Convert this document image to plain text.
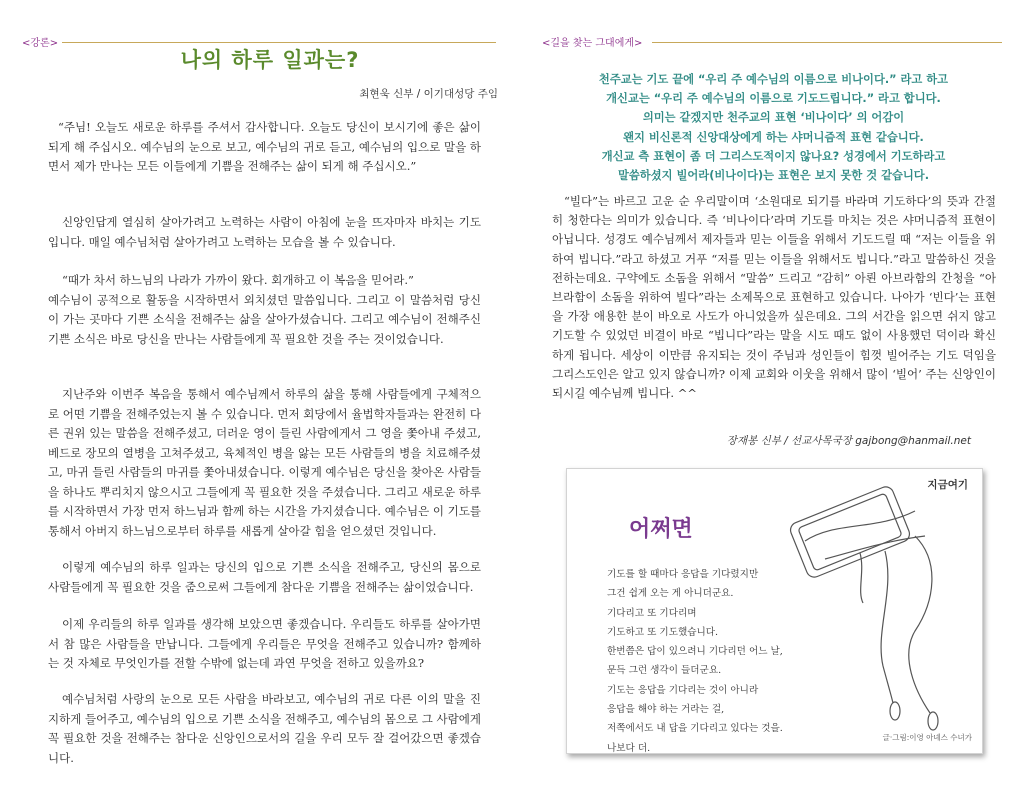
<강론>
나의 하루 일과는?
최현욱 신부 / 이기대성당 주임

“주님! 오늘도 새로운 하루를 주셔서 감사합니다. 오늘도 당신이 보시기에 좋은 삶이 되게 해 주십시오. 예수님의 눈으로 보고, 예수님의 귀로 듣고, 예수님의 입으로 말을 하면서 제가 만나는 모든 이들에게 기쁨을 전해주는 삶이 되게 해 주십시오.”

신앙인답게 열심히 살아가려고 노력하는 사람이 아침에 눈을 뜨자마자 바치는 기도입니다. 매일 예수님처럼 살아가려고 노력하는 모습을 볼 수 있습니다.

“때가 차서 하느님의 나라가 가까이 왔다. 회개하고 이 복음을 믿어라.”
예수님이 공적으로 활동을 시작하면서 외치셨던 말씀입니다. 그리고 이 말씀처럼 당신이 가는 곳마다 기쁜 소식을 전해주는 삶을 살아가셨습니다. 그리고 예수님이 전해주신 기쁜 소식은 바로 당신을 만나는 사람들에게 꼭 필요한 것을 주는 것이었습니다.

지난주와 이번주 복음을 통해서 예수님께서 하루의 삶을 통해 사람들에게 구체적으로 어떤 기쁨을 전해주었는지 볼 수 있습니다. 먼저 회당에서 율법학자들과는 완전히 다른 권위 있는 말씀을 전해주셨고, 더러운 영이 들린 사람에게서 그 영을 쫓아내 주셨고, 베드로 장모의 열병을 고쳐주셨고, 육체적인 병을 앓는 모든 사람들의 병을 치료해주셨고, 마귀 들린 사람들의 마귀를 쫓아내셨습니다. 이렇게 예수님은 당신을 찾아온 사람들을 하나도 뿌리치지 않으시고 그들에게 꼭 필요한 것을 주셨습니다. 그리고 새로운 하루를 시작하면서 가장 먼저 하느님과 함께 하는 시간을 가지셨습니다. 예수님은 이 기도를 통해서 아버지 하느님으로부터 하루를 새롭게 살아갈 힘을 얻으셨던 것입니다.

이렇게 예수님의 하루 일과는 당신의 입으로 기쁜 소식을 전해주고, 당신의 몸으로 사람들에게 꼭 필요한 것을 줌으로써 그들에게 참다운 기쁨을 전해주는 삶이었습니다.

이제 우리들의 하루 일과를 생각해 보았으면 좋겠습니다. 우리들도 하루를 살아가면서 참 많은 사람들을 만납니다. 그들에게 우리들은 무엇을 전해주고 있습니까? 함께하는 것 자체로 무엇인가를 전할 수밖에 없는데 과연 무엇을 전하고 있을까요?

예수님처럼 사랑의 눈으로 모든 사람을 바라보고, 예수님의 귀로 다른 이의 말을 진지하게 들어주고, 예수님의 입으로 기쁜 소식을 전해주고, 예수님의 몸으로 그 사람에게 꼭 필요한 것을 전해주는 참다운 신앙인으로서의 길을 우리 모두 잘 걸어갔으면 좋겠습니다.

<길을 찾는 그대에게>
천주교는 기도 끝에 “우리 주 예수님의 이름으로 비나이다.” 라고 하고
개신교는 “우리 주 예수님의 이름으로 기도드립니다.” 라고 합니다.
의미는 같겠지만 천주교의 표현 ‘비나이다’ 의 어감이
왠지 비신론적 신앙대상에게 하는 샤머니즘적 표현 같습니다.
개신교 측 표현이 좀 더 그리스도적이지 않나요? 성경에서 기도하라고
말씀하셨지 빌어라(비나이다)는 표현은 보지 못한 것 같습니다.

“빌다”는 바르고 고운 순 우리말이며 ‘소원대로 되기를 바라며 기도하다’의 뜻과 간절히 청한다는 의미가 있습니다. 즉 ‘비나이다’라며 기도를 마치는 것은 샤머니즘적 표현이 아닙니다. 성경도 예수님께서 제자들과 믿는 이들을 위해서 기도드릴 때 “저는 이들을 위하여 빕니다.”라고 하셨고 거푸 “저를 믿는 이들을 위해서도 빕니다.”라고 말씀하신 것을 전하는데요. 구약에도 소돔을 위해서 “말씀” 드리고 “감히” 아뢴 아브라함의 간청을 “아브라함이 소돔을 위하여 빌다”라는 소제목으로 표현하고 있습니다. 나아가 ‘빈다’는 표현을 가장 애용한 분이 바오로 사도가 아니었을까 싶은데요. 그의 서간을 읽으면 쉬지 않고 기도할 수 있었던 비결이 바로 “빕니다”라는 말을 시도 때도 없이 사용했던 덕이라 확신하게 됩니다. 세상이 이만큼 유지되는 것이 주님과 성인들이 힘껏 빌어주는 기도 덕임을 그리스도인은 알고 있지 않습니까? 이제 교회와 이웃을 위해서 많이 ‘빌어’ 주는 신앙인이 되시길 예수님께 빕니다. ^^

장재봉 신부 / 선교사목국장 gajbong@hanmail.net
지금여기
어쩌면
기도를 할 때마다 응답을 기다렸지만
그건 쉽게 오는 게 아니더군요.
기다리고 또 기다리며
기도하고 또 기도했습니다.
한번쯤은 답이 있으려니 기다리던 어느 날,
문득 그런 생각이 들더군요.
기도는 응답을 기다리는 것이 아니라
응답을 해야 하는 거라는 걸,
저쪽에서도 내 답을 기다리고 있다는 것을.
나보다 더.
글·그림:이영 아녜스 수녀가
